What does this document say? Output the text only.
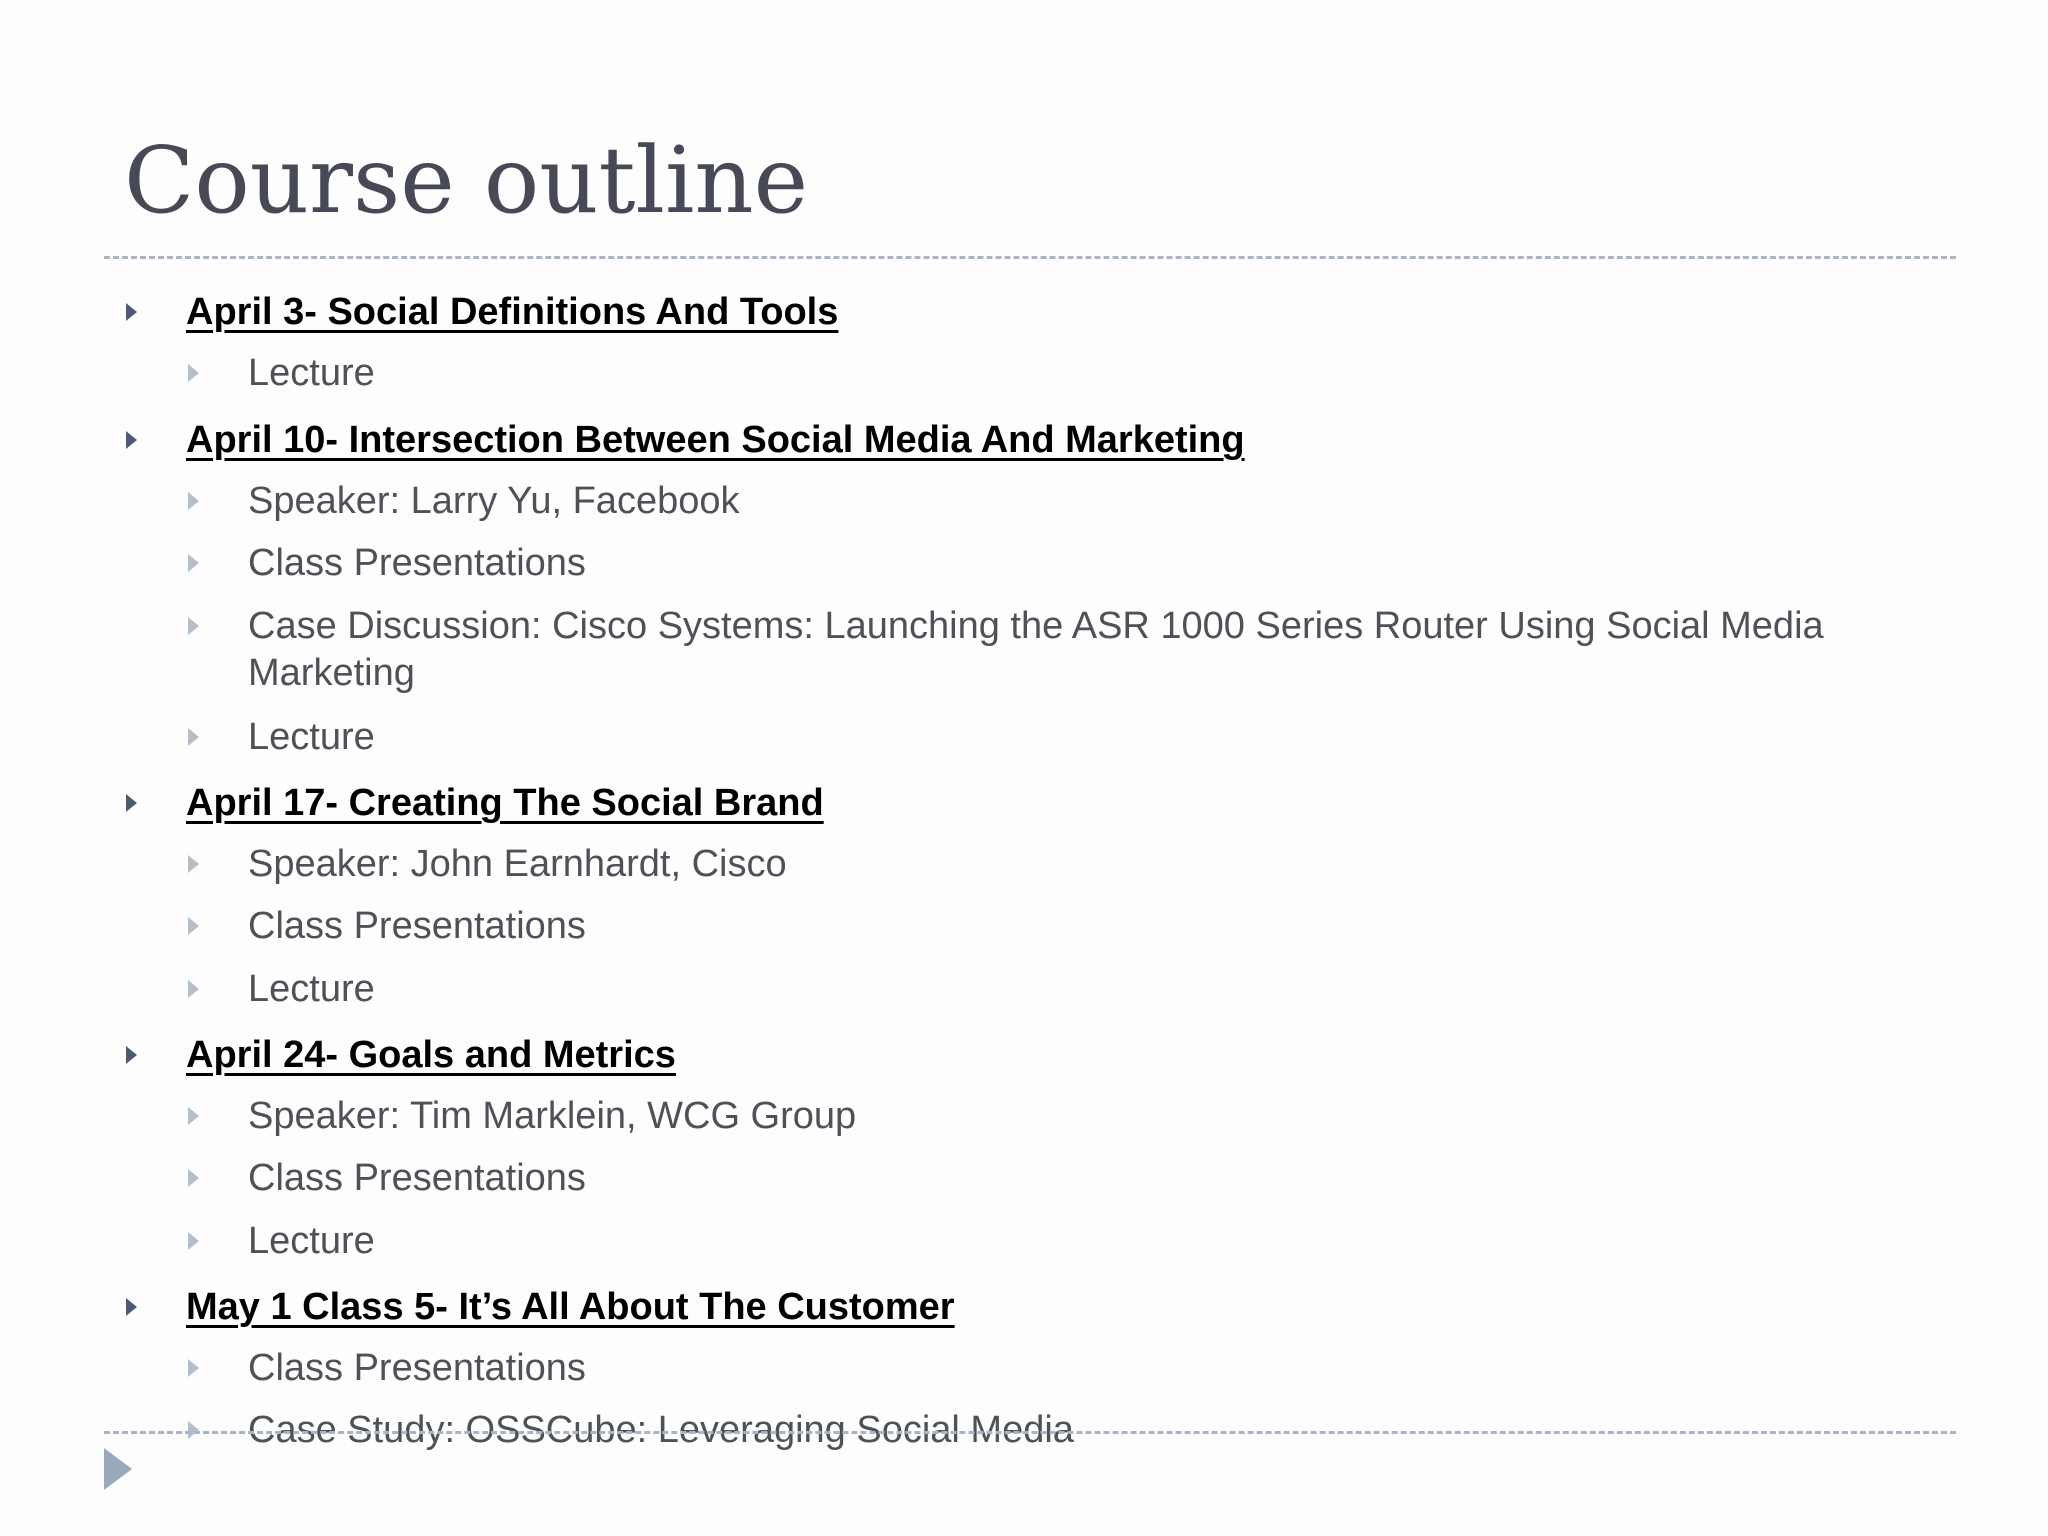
Course outline
April 3- Social Definitions And Tools
Lecture
April 10- Intersection Between Social Media And Marketing
Speaker: Larry Yu, Facebook
Class Presentations
Case Discussion: Cisco Systems: Launching the ASR 1000 Series Router Using Social Media Marketing
Lecture
April 17- Creating The Social Brand
Speaker: John Earnhardt, Cisco
Class Presentations
Lecture
April 24- Goals and Metrics
Speaker: Tim Marklein, WCG Group
Class Presentations
Lecture
May 1 Class 5- It’s All About The Customer
Class Presentations
Case Study: OSSCube: Leveraging Social Media
